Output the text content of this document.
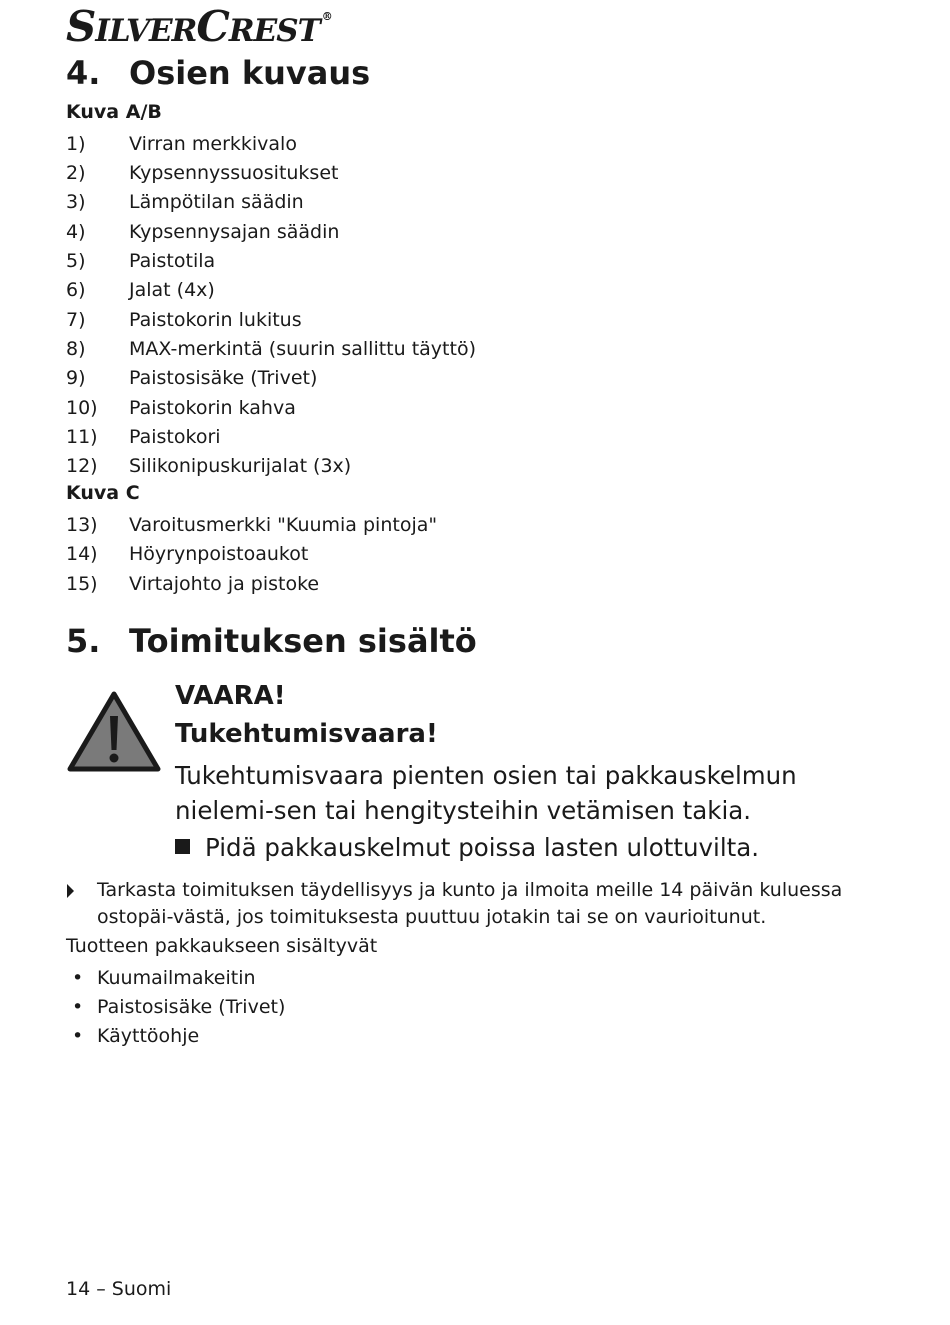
SILVERCREST ®
4. Osien kuvaus
Kuva A/B
1) Virran merkkivalo
2) Kypsennyssuositukset
3) Lämpötilan säädin
4) Kypsennysajan säädin
5) Paistotila
6) Jalat (4x)
7) Paistokorin lukitus
8) MAX-merkintä (suurin sallittu täyttö)
9) Paistosisäke (Trivet)
10) Paistokorin kahva
11) Paistokori
12) Silikonipuskurijalat (3x)
Kuva C
13) Varoitusmerkki "Kuumia pintoja"
14) Höyrynpoistoaukot
15) Virtajohto ja pistoke
5. Toimituksen sisältö
VAARA!
Tukehtumisvaara!
Tukehtumisvaara pienten osien tai pakkauskelmun nielemi-sen tai hengitysteihin vetämisen takia.
Pidä pakkauskelmut poissa lasten ulottuvilta.
Tarkasta toimituksen täydellisyys ja kunto ja ilmoita meille 14 päivän kuluessa ostopäi-västä, jos toimituksesta puuttuu jotakin tai se on vaurioitunut.
Tuotteen pakkaukseen sisältyvät
• Kuumailmakeitin
• Paistosisäke (Trivet)
• Käyttöohje
14 – Suomi
